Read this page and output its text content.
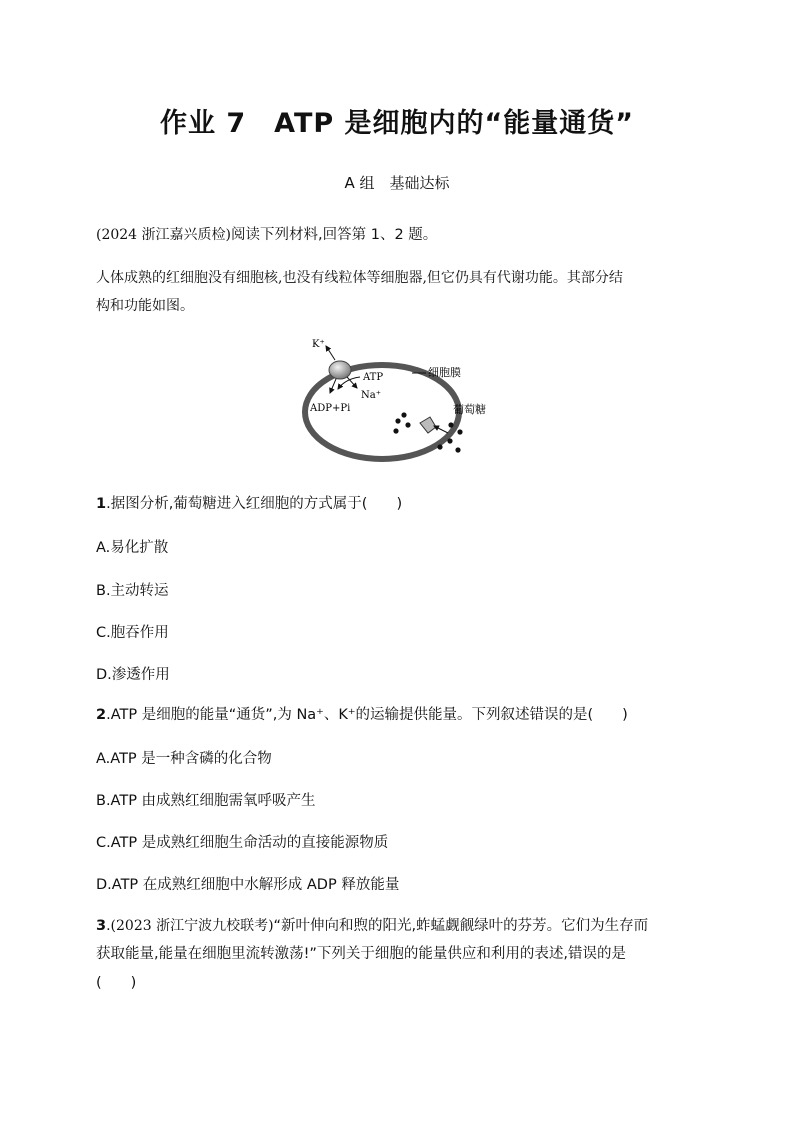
作业 7　ATP 是细胞内的“能量通货”
A 组　基础达标
(2024 浙江嘉兴质检)阅读下列材料,回答第 1、2 题。
人体成熟的红细胞没有细胞核,也没有线粒体等细胞器,但它仍具有代谢功能。其部分结
构和功能如图。
K⁺
ATP
Na⁺
ADP+Pi
细胞膜
葡萄糖
1.据图分析,葡萄糖进入红细胞的方式属于(　　)
A.易化扩散
B.主动转运
C.胞吞作用
D.渗透作用
2.ATP 是细胞的能量“通货”,为 Na⁺、K⁺的运输提供能量。下列叙述错误的是(　　)
A.ATP 是一种含磷的化合物
B.ATP 由成熟红细胞需氧呼吸产生
C.ATP 是成熟红细胞生命活动的直接能源物质
D.ATP 在成熟红细胞中水解形成 ADP 释放能量
3.(2023 浙江宁波九校联考)“新叶伸向和煦的阳光,蚱蜢觑觎绿叶的芬芳。它们为生存而
获取能量,能量在细胞里流转激荡!”下列关于细胞的能量供应和利用的表述,错误的是
(　　)
